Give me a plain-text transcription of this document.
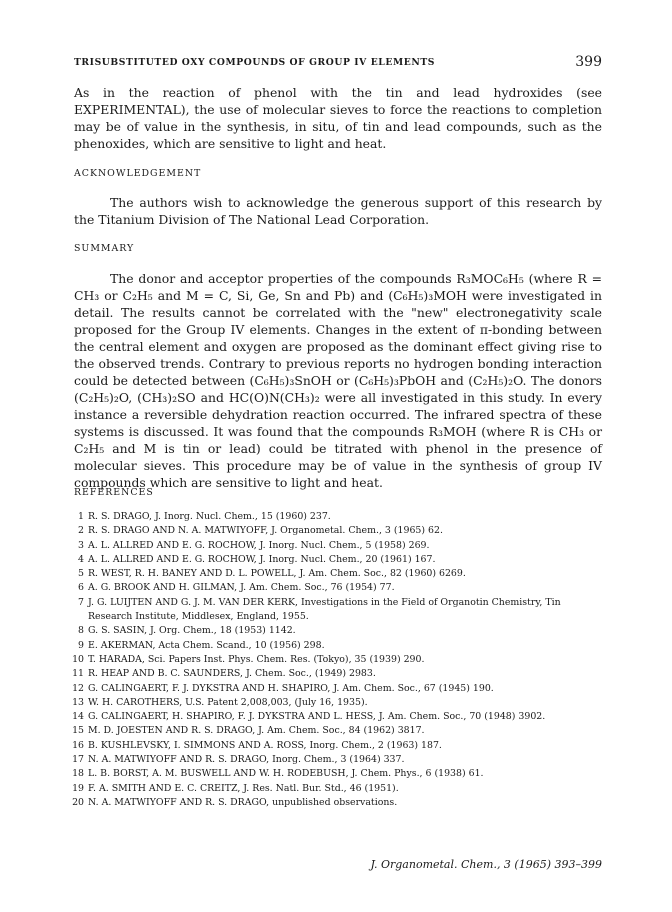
TRISUBSTITUTED OXY COMPOUNDS OF GROUP IV ELEMENTS	399

As in the reaction of phenol with the tin and lead hydroxides (see EXPERIMENTAL), the use of molecular sieves to force the reactions to completion may be of value in the synthesis, in situ, of tin and lead compounds, such as the phenoxides, which are sensitive to light and heat.

ACKNOWLEDGEMENT

The authors wish to acknowledge the generous support of this research by the Titanium Division of The National Lead Corporation.

SUMMARY

The donor and acceptor properties of the compounds R₃MOC₆H₅ (where R = CH₃ or C₂H₅ and M = C, Si, Ge, Sn and Pb) and (C₆H₅)₃MOH were investigated in detail. The results cannot be correlated with the "new" electronegativity scale proposed for the Group IV elements. Changes in the extent of π-bonding between the central element and oxygen are proposed as the dominant effect giving rise to the observed trends. Contrary to previous reports no hydrogen bonding interaction could be detected between (C₆H₅)₃SnOH or (C₆H₅)₃PbOH and (C₂H₅)₂O. The donors (C₂H₅)₂O, (CH₃)₂SO and HC(O)N(CH₃)₂ were all investigated in this study. In every instance a reversible dehydration reaction occurred. The infrared spectra of these systems is discussed. It was found that the compounds R₃MOH (where R is CH₃ or C₂H₅ and M is tin or lead) could be titrated with phenol in the presence of molecular sieves. This procedure may be of value in the synthesis of group IV compounds which are sensitive to light and heat.

REFERENCES
1 R. S. DRAGO, J. Inorg. Nucl. Chem., 15 (1960) 237.
2 R. S. DRAGO AND N. A. MATWIYOFF, J. Organometal. Chem., 3 (1965) 62.
3 A. L. ALLRED AND E. G. ROCHOW, J. Inorg. Nucl. Chem., 5 (1958) 269.
4 A. L. ALLRED AND E. G. ROCHOW, J. Inorg. Nucl. Chem., 20 (1961) 167.
5 R. WEST, R. H. BANEY AND D. L. POWELL, J. Am. Chem. Soc., 82 (1960) 6269.
6 A. G. BROOK AND H. GILMAN, J. Am. Chem. Soc., 76 (1954) 77.
7 J. G. LUIJTEN AND G. J. M. VAN DER KERK, Investigations in the Field of Organotin Chemistry, Tin Research Institute, Middlesex, England, 1955.
8 G. S. SASIN, J. Org. Chem., 18 (1953) 1142.
9 E. AKERMAN, Acta Chem. Scand., 10 (1956) 298.
10 T. HARADA, Sci. Papers Inst. Phys. Chem. Res. (Tokyo), 35 (1939) 290.
11 R. HEAP AND B. C. SAUNDERS, J. Chem. Soc., (1949) 2983.
12 G. CALINGAERT, F. J. DYKSTRA AND H. SHAPIRO, J. Am. Chem. Soc., 67 (1945) 190.
13 W. H. CAROTHERS, U.S. Patent 2,008,003, (July 16, 1935).
14 G. CALINGAERT, H. SHAPIRO, F. J. DYKSTRA AND L. HESS, J. Am. Chem. Soc., 70 (1948) 3902.
15 M. D. JOESTEN AND R. S. DRAGO, J. Am. Chem. Soc., 84 (1962) 3817.
16 B. KUSHLEVSKY, I. SIMMONS AND A. ROSS, Inorg. Chem., 2 (1963) 187.
17 N. A. MATWIYOFF AND R. S. DRAGO, Inorg. Chem., 3 (1964) 337.
18 L. B. BORST, A. M. BUSWELL AND W. H. RODEBUSH, J. Chem. Phys., 6 (1938) 61.
19 F. A. SMITH AND E. C. CREITZ, J. Res. Natl. Bur. Std., 46 (1951).
20 N. A. MATWIYOFF AND R. S. DRAGO, unpublished observations.
J. Organometal. Chem., 3 (1965) 393–399
